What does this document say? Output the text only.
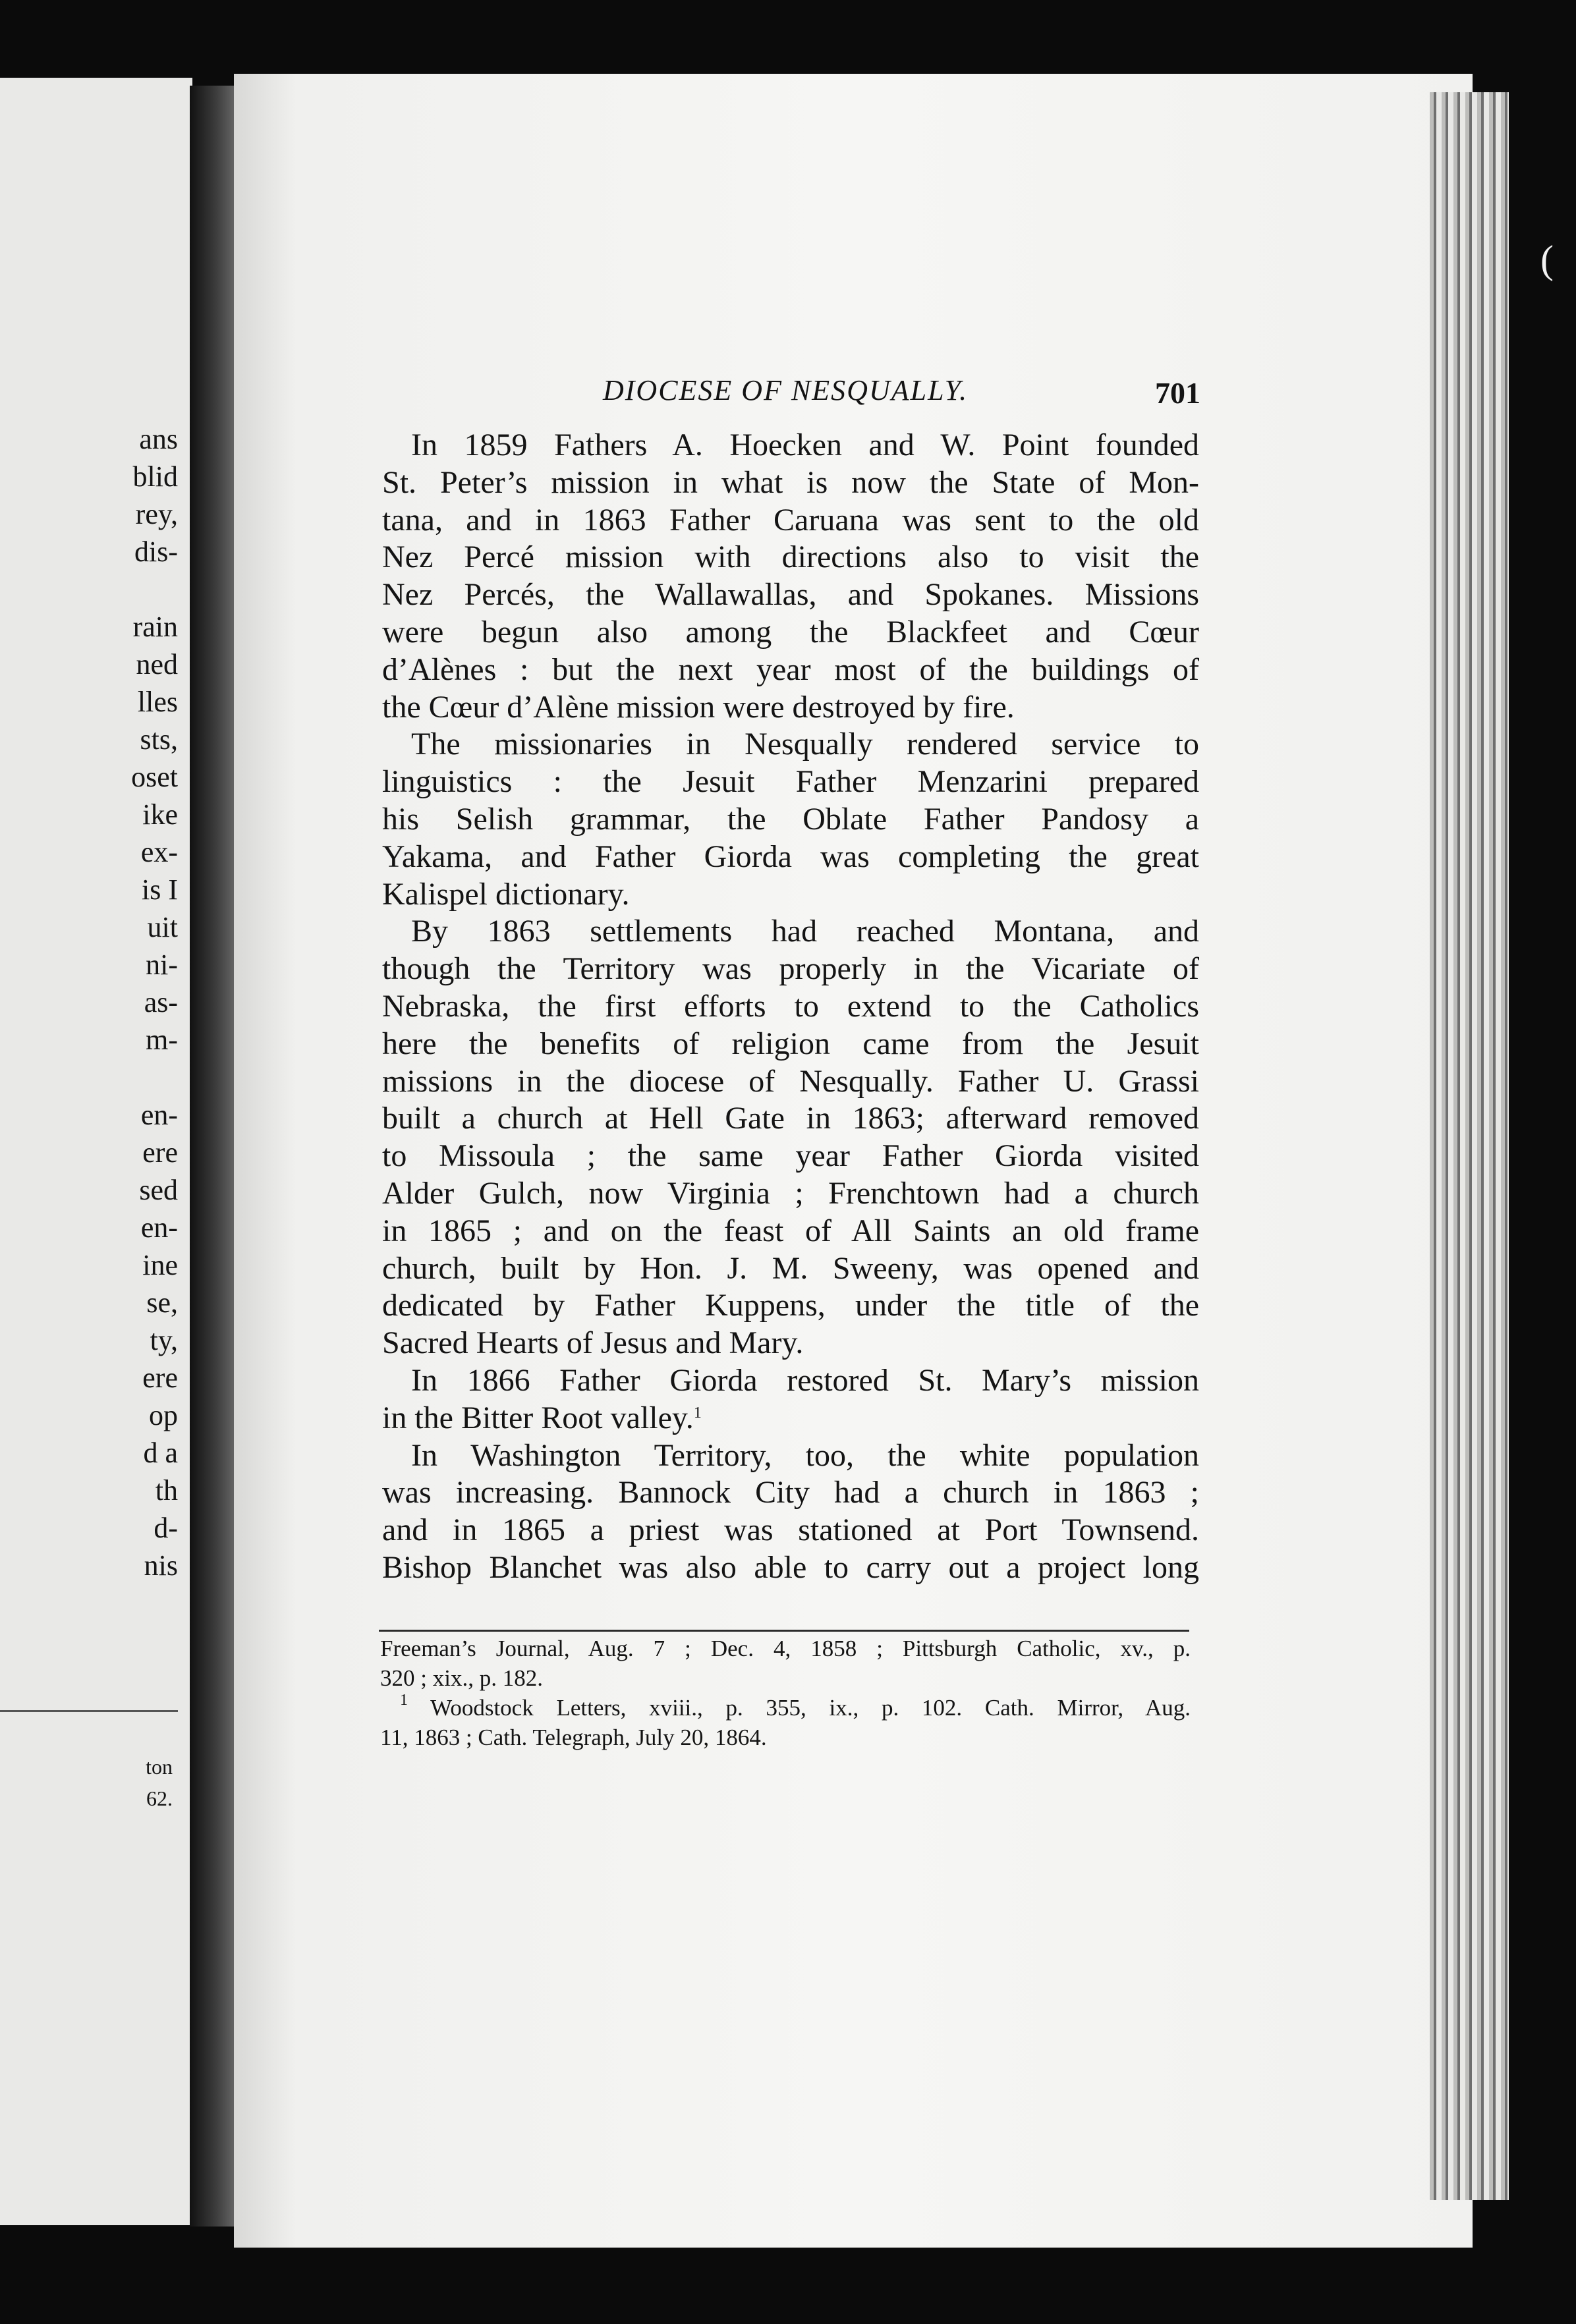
ans
blid
rey,
dis-
rain
ned
lles
sts,
oset
ike
ex-
is I
uit
ni-
as-
m-
en-
ere
sed
en-
ine
se,
ty,
ere
op
d a
th
d-
nis
ton
62.
DIOCESE OF NESQUALLY.	701
In 1859 Fathers A. Hoecken and W. Point founded
St. Peter’s mission in what is now the State of Mon-
tana, and in 1863 Father Caruana was sent to the old
Nez Percé mission with directions also to visit the
Nez Percés, the Wallawallas, and Spokanes. Missions
were begun also among the Blackfeet and Cœur
d’Alènes : but the next year most of the buildings of
the Cœur d’Alène mission were destroyed by fire.
The missionaries in Nesqually rendered service to
linguistics : the Jesuit Father Menzarini prepared
his Selish grammar, the Oblate Father Pandosy a
Yakama, and Father Giorda was completing the great
Kalispel dictionary.
By 1863 settlements had reached Montana, and
though the Territory was properly in the Vicariate of
Nebraska, the first efforts to extend to the Catholics
here the benefits of religion came from the Jesuit
missions in the diocese of Nesqually. Father U. Grassi
built a church at Hell Gate in 1863; afterward removed
to Missoula ; the same year Father Giorda visited
Alder Gulch, now Virginia ; Frenchtown had a church
in 1865 ; and on the feast of All Saints an old frame
church, built by Hon. J. M. Sweeny, was opened and
dedicated by Father Kuppens, under the title of the
Sacred Hearts of Jesus and Mary.
In 1866 Father Giorda restored St. Mary’s mission
in the Bitter Root valley.$^1$
In Washington Territory, too, the white population
was increasing. Bannock City had a church in 1863 ;
and in 1865 a priest was stationed at Port Townsend.
Bishop Blanchet was also able to carry out a project long
Freeman’s Journal, Aug. 7 ; Dec. 4, 1858 ; Pittsburgh Catholic, xv., p.
320 ; xix., p. 182.
$^1$ Woodstock Letters, xviii., p. 355, ix., p. 102. Cath. Mirror, Aug.
11, 1863 ; Cath. Telegraph, July 20, 1864.
(
